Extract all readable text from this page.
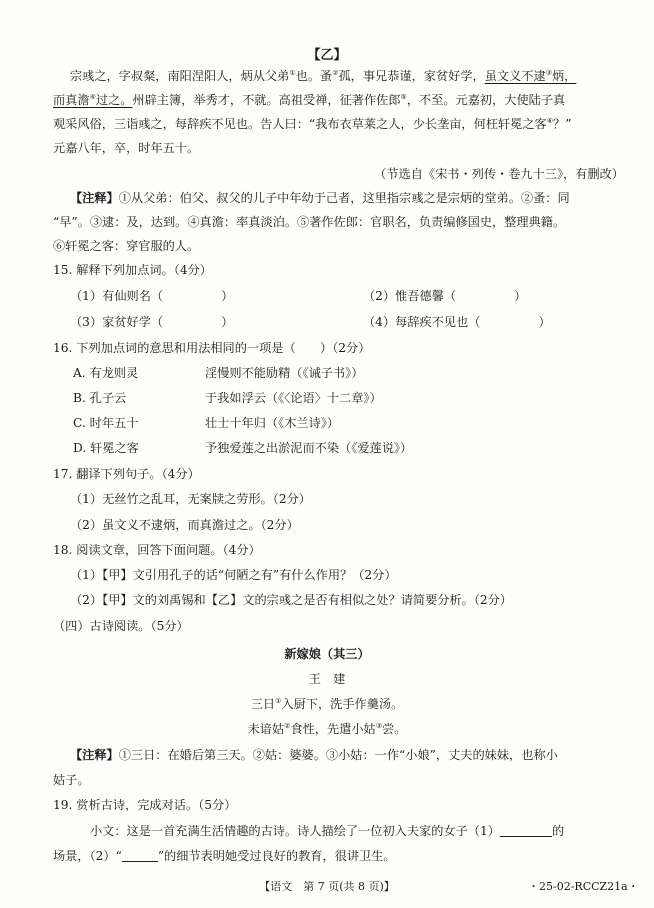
【乙】
宗彧之，字叔粲，南阳涅阳人，炳从父弟①也。蚤②孤，事兄恭谨，家贫好学，虽文义不逮③炳，
而真澹④过之。州辟主簿，举秀才，不就。高祖受禅，征著作佐郎⑤，不至。元嘉初，大使陆子真
观采风俗，三诣彧之，每辞疾不见也。告人曰：“我布衣草莱之人，少长垄亩，何枉轩冕之客⑥？”
元嘉八年，卒，时年五十。
（节选自《宋书・列传・卷九十三》，有删改）
【注释】①从父弟：伯父、叔父的儿子中年幼于己者，这里指宗彧之是宗炳的堂弟。②蚤：同
“早”。③逮：及，达到。④真澹：率真淡泊。⑤著作佐郎：官职名，负责编修国史，整理典籍。
⑥轩冕之客：穿官服的人。
15. 解释下列加点词。（4分）
（1）有仙则名（	）	（2）惟吾德馨（	）
（3）家贫好学（	）	（4）每辞疾不见也（	）
16. 下列加点词的意思和用法相同的一项是（　　）（2分）
A. 有龙则灵	淫慢则不能励精（《诫子书》）
B. 孔子云	于我如浮云（《〈论语〉十二章》）
C. 时年五十	壮士十年归（《木兰诗》）
D. 轩冕之客	予独爱莲之出淤泥而不染（《爱莲说》）
17. 翻译下列句子。（4分）
（1）无丝竹之乱耳，无案牍之劳形。（2分）
（2）虽文义不逮炳，而真澹过之。（2分）
18. 阅读文章，回答下面问题。（4分）
（1）【甲】文引用孔子的话“何陋之有”有什么作用？（2分）
（2）【甲】文的刘禹锡和【乙】文的宗彧之是否有相似之处？请简要分析。（2分）
（四）古诗阅读。（5分）
新嫁娘（其三）
王　建
三日①入厨下，洗手作羹汤。
未谙姑②食性，先遣小姑③尝。
【注释】①三日：在婚后第三天。②姑：婆婆。③小姑：一作“小娘”，丈夫的妹妹，也称小
姑子。
19. 赏析古诗，完成对话。（5分）
小文：这是一首充满生活情趣的古诗。诗人描绘了一位初入夫家的女子（1）	的
场景，（2）“	”的细节表明她受过良好的教育，很讲卫生。
【语文　第 7 页(共 8 页)】	・25-02-RCCZ21a・
